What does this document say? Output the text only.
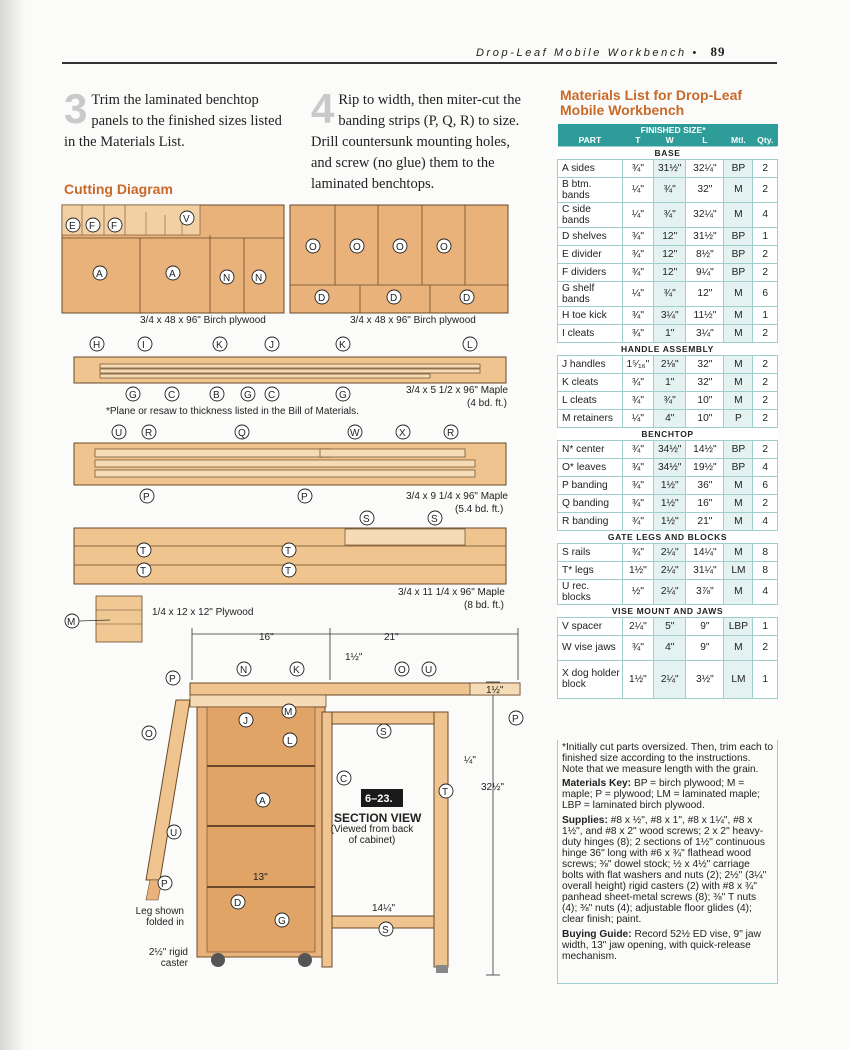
Drop-Leaf Mobile Workbench • 89
3 Trim the laminated benchtop panels to the finished sizes listed in the Materials List.
4 Rip to width, then miter-cut the banding strips (P, Q, R) to size. Drill countersunk mounting holes, and screw (no glue) them to the laminated benchtops.
Cutting Diagram
E F F
V
A	A	N N
3/4 x 48 x 96" Birch plywood
O	O	O	O
D	D	D
3/4 x 48 x 96" Birch plywood
H	I	K	J	K	L
G	C	B G C	G	3/4 x 5 1/2 x 96" Maple
(4 bd. ft.)
*Plane or resaw to thickness listed in the Bill of Materials.
U R	Q	W	X	R
P	P	3/4 x 9 1/4 x 96" Maple
(5.4 bd. ft.)
S	S
T	T
T	T
3/4 x 11 1/4 x 96" Maple
(8 bd. ft.)
M
1/4 x 12 x 12" Plywood
N	K	O U
P
J
M
L
S
P
O
C
A
T
U
P
D
G
S
16"	21"
1½"
1½"
32½"
¼"
13"
14¼"
6–23.
SECTION VIEW
(Viewed from back of cabinet)
Leg shown folded in
2½" rigid caster
Materials List for Drop-Leaf Mobile Workbench
	FINISHED SIZE*				
PART	T	W	L	Mtl.	Qty.
BASE					
A sides	¾"	31½"	32¼"	BP	2
B btm. bands	¼"	¾"	32"	M	2
C side bands	¼"	¾"	32¼"	M	4
D shelves	¾"	12"	31½"	BP	1
E divider	¾"	12"	8½"	BP	2
F dividers	¾"	12"	9¼"	BP	2
G shelf bands	¼"	¾"	12"	M	6
H toe kick	¾"	3¼"	11½"	M	1
I cleats	¾"	1"	3¼"	M	2
HANDLE ASSEMBLY					
J handles	1⁵⁄₁₆"	2⅛"	32"	M	2
K cleats	¾"	1"	32"	M	2
L cleats	¾"	¾"	10"	M	2
M retainers	¼"	4"	10"	P	2
BENCHTOP					
N* center	¾"	34½"	14½"	BP	2
O* leaves	¾"	34½"	19½"	BP	4
P banding	¾"	1½"	36"	M	6
Q banding	¾"	1½"	16"	M	2
R banding	¾"	1½"	21"	M	4
GATE LEGS AND BLOCKS					
S rails	¾"	2¼"	14¼"	M	8
T* legs	1½"	2¼"	31¼"	LM	8
U rec. blocks	½"	2¼"	3⅞"	M	4
VISE MOUNT AND JAWS					
V spacer	2¼"	5"	9"	LBP	1
W vise jaws	¾"	4"	9"	M	2
X dog holder block	1½"	2¼"	3½"	LM	1

*Initially cut parts oversized. Then, trim each to finished size according to the instructions. Note that we measure length with the grain.

Materials Key: BP = birch plywood; M = maple; P = plywood; LM = laminated maple; LBP = laminated birch plywood.

Supplies: #8 x ½", #8 x 1", #8 x 1¼", #8 x 1½", and #8 x 2" wood screws; 2 x 2" heavy-duty hinges (8); 2 sections of 1½" continuous hinge 36" long with #6 x ¾" flathead wood screws; ⅜" dowel stock; ½ x 4½" carriage bolts with flat washers and nuts (2); 2½" (3¼" overall height) rigid casters (2) with #8 x ¾" panhead sheet-metal screws (8); ⅜" T nuts (4); ⅜" nuts (4); adjustable floor glides (4); clear finish; paint.

Buying Guide: Record 52½ ED vise, 9" jaw width, 13" jaw opening, with quick-release mechanism.
